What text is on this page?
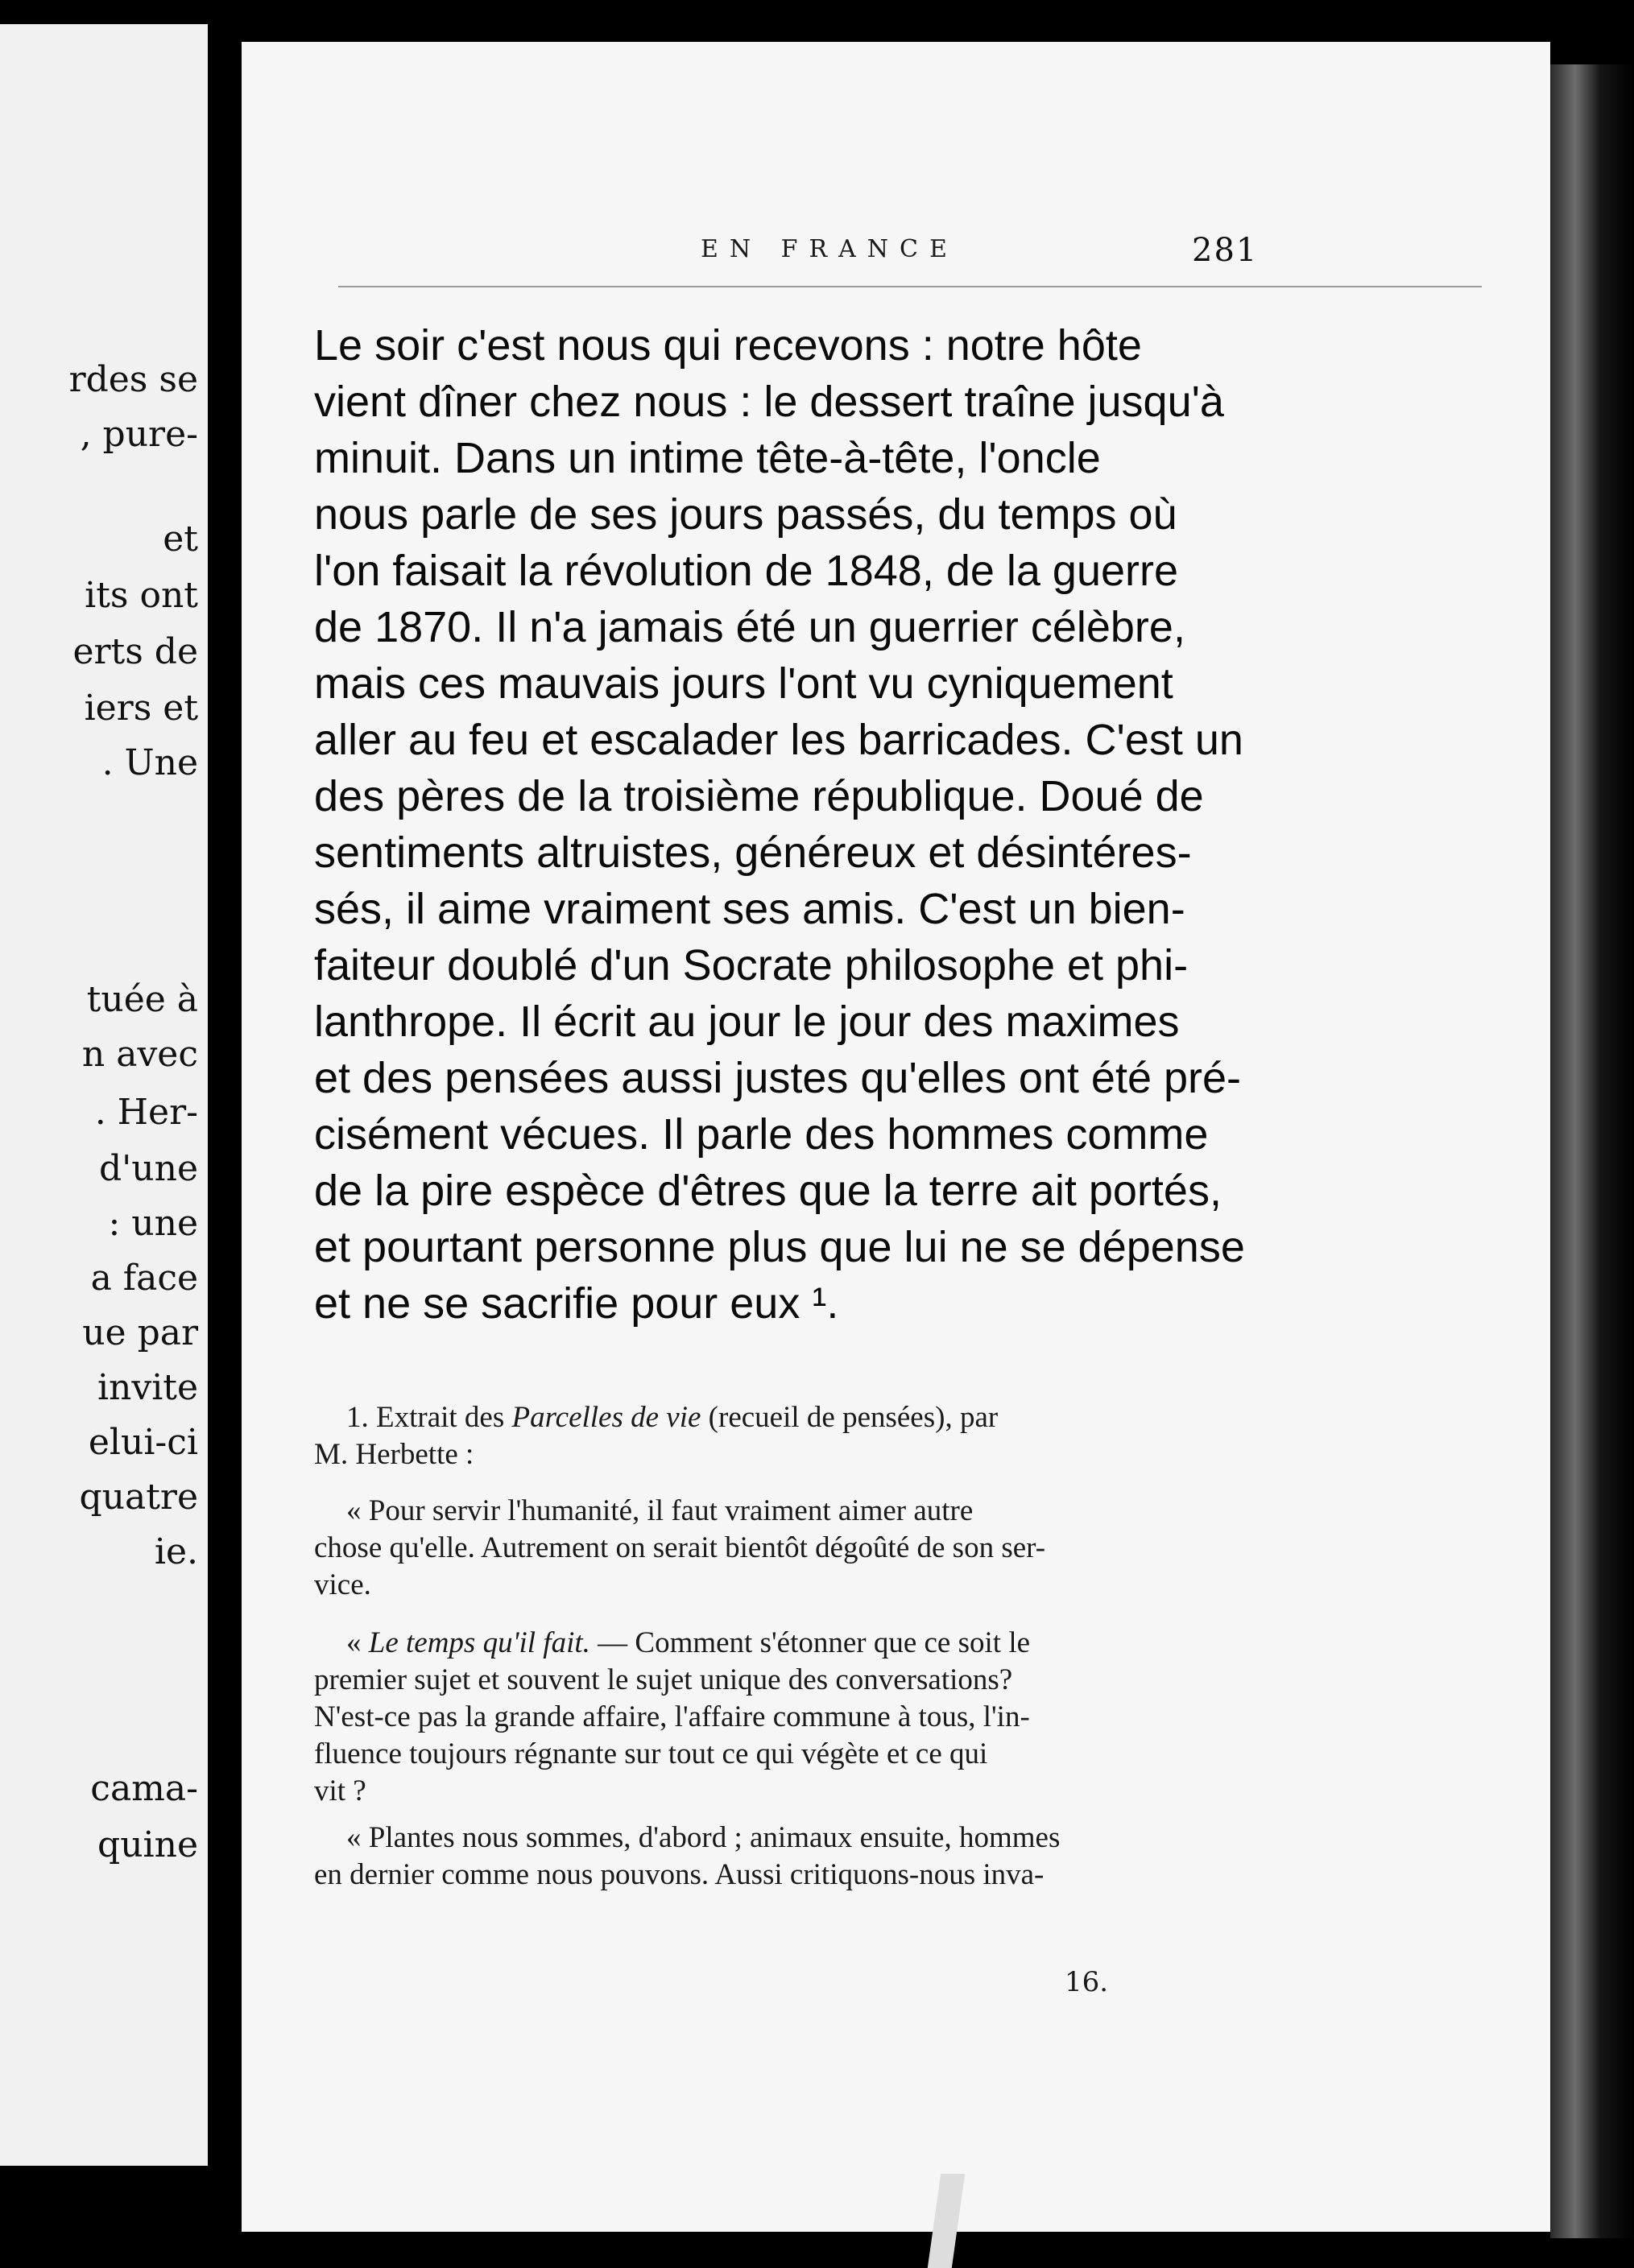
rdes se
, pure-
et
its ont
erts de
iers et
. Une
tuée à
n avec
. Her-
d'une
: une
a face
ue par
invite
elui-ci
quatre
ie.
cama-
quine
EN FRANCE	281
Le soir c'est nous qui recevons : notre hôte
vient dîner chez nous : le dessert traîne jusqu'à
minuit. Dans un intime tête-à-tête, l'oncle
nous parle de ses jours passés, du temps où
l'on faisait la révolution de 1848, de la guerre
de 1870. Il n'a jamais été un guerrier célèbre,
mais ces mauvais jours l'ont vu cyniquement
aller au feu et escalader les barricades. C'est un
des pères de la troisième république. Doué de
sentiments altruistes, généreux et désintéres-
sés, il aime vraiment ses amis. C'est un bien-
faiteur doublé d'un Socrate philosophe et phi-
lanthrope. Il écrit au jour le jour des maximes
et des pensées aussi justes qu'elles ont été pré-
cisément vécues. Il parle des hommes comme
de la pire espèce d'êtres que la terre ait portés,
et pourtant personne plus que lui ne se dépense
et ne se sacrifie pour eux ¹.
1. Extrait des Parcelles de vie (recueil de pensées), par
M. Herbette :
« Pour servir l'humanité, il faut vraiment aimer autre
chose qu'elle. Autrement on serait bientôt dégoûté de son ser-
vice.
« Le temps qu'il fait. — Comment s'étonner que ce soit le
premier sujet et souvent le sujet unique des conversations?
N'est-ce pas la grande affaire, l'affaire commune à tous, l'in-
fluence toujours régnante sur tout ce qui végète et ce qui
vit ?
« Plantes nous sommes, d'abord ; animaux ensuite, hommes
en dernier comme nous pouvons. Aussi critiquons-nous inva-
16.
